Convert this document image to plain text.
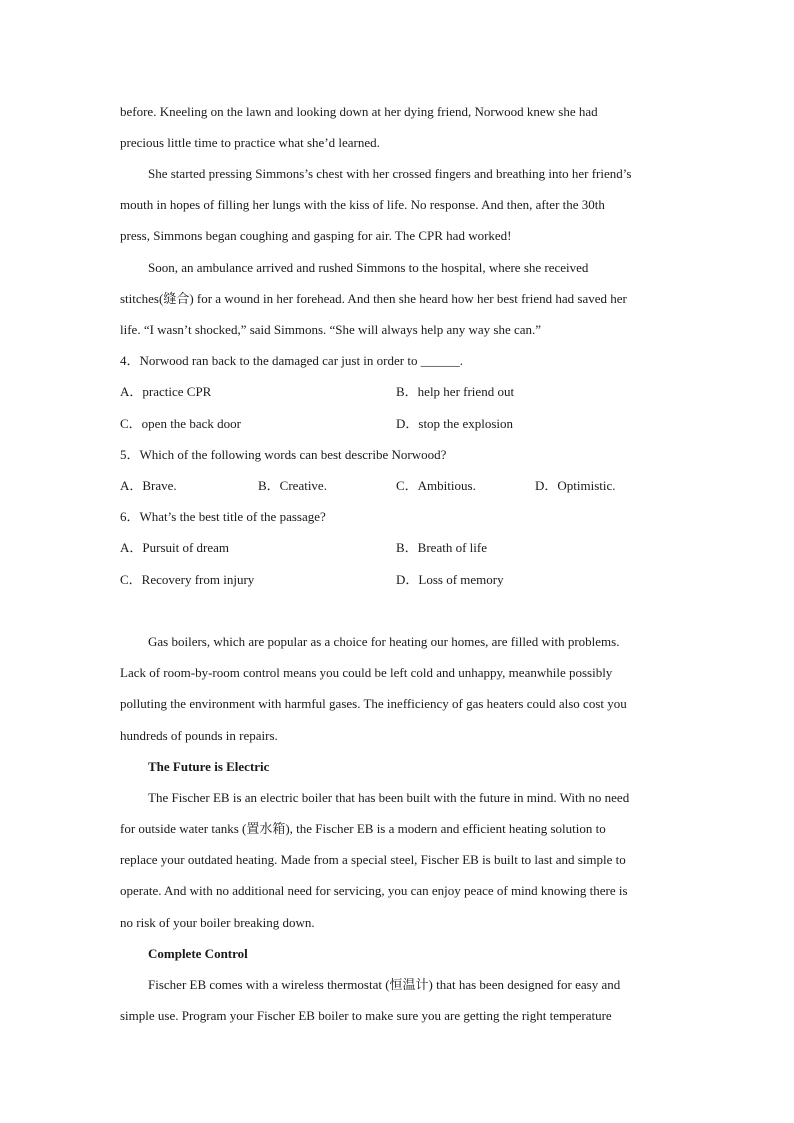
before. Kneeling on the lawn and looking down at her dying friend, Norwood knew she had
precious little time to practice what she’d learned.
She started pressing Simmons’s chest with her crossed fingers and breathing into her friend’s
mouth in hopes of filling her lungs with the kiss of life. No response. And then, after the 30th
press, Simmons began coughing and gasping for air. The CPR had worked!
Soon, an ambulance arrived and rushed Simmons to the hospital, where she received
stitches(缝合) for a wound in her forehead. And then she heard how her best friend had saved her
life. “I wasn’t shocked,” said Simmons. “She will always help any way she can.”
4．Norwood ran back to the damaged car just in order to ______.
A．practice CPR	B．help her friend out
C．open the back door	D．stop the explosion
5．Which of the following words can best describe Norwood?
A．Brave.	B．Creative.	C．Ambitious.	D．Optimistic.
6．What’s the best title of the passage?
A．Pursuit of dream	B．Breath of life
C．Recovery from injury	D．Loss of memory
Gas boilers, which are popular as a choice for heating our homes, are filled with problems.
Lack of room-by-room control means you could be left cold and unhappy, meanwhile possibly
polluting the environment with harmful gases. The inefficiency of gas heaters could also cost you
hundreds of pounds in repairs.
The Future is Electric
The Fischer EB is an electric boiler that has been built with the future in mind. With no need
for outside water tanks (置水箱), the Fischer EB is a modern and efficient heating solution to
replace your outdated heating. Made from a special steel, Fischer EB is built to last and simple to
operate. And with no additional need for servicing, you can enjoy peace of mind knowing there is
no risk of your boiler breaking down.
Complete Control
Fischer EB comes with a wireless thermostat (恒温计) that has been designed for easy and
simple use. Program your Fischer EB boiler to make sure you are getting the right temperature
